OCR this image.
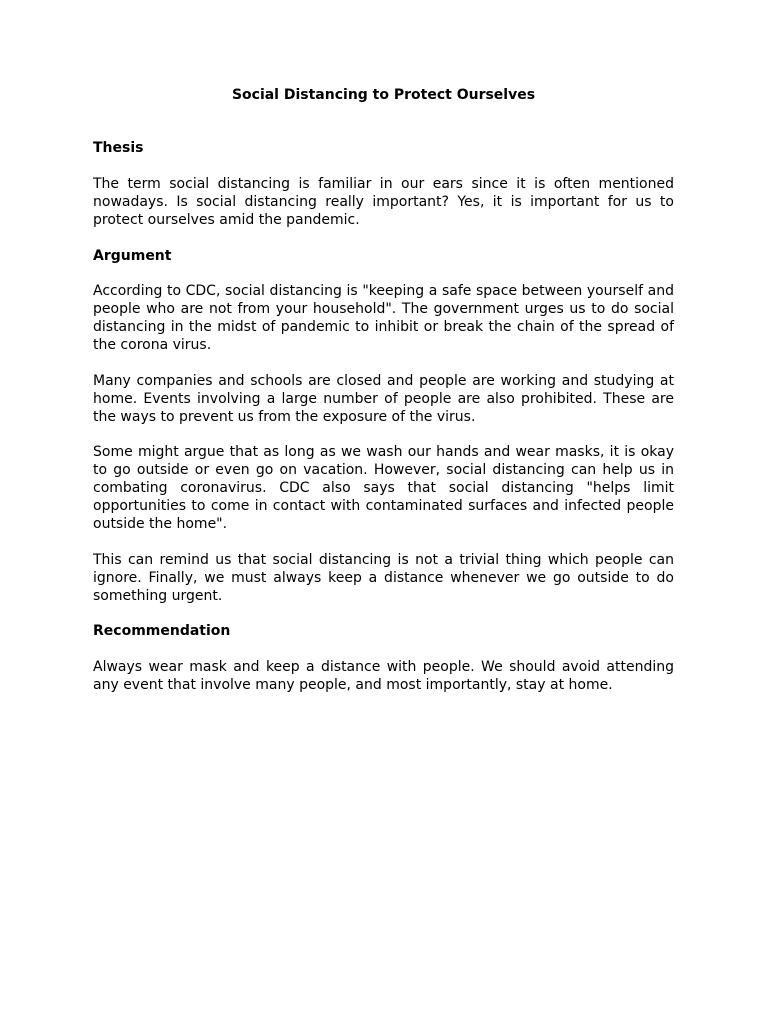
Social Distancing to Protect Ourselves
Thesis

The term social distancing is familiar in our ears since it is often mentioned nowadays. Is social distancing really important? Yes, it is important for us to protect ourselves amid the pandemic.

Argument

According to CDC, social distancing is "keeping a safe space between yourself and people who are not from your household". The government urges us to do social distancing in the midst of pandemic to inhibit or break the chain of the spread of the corona virus.

Many companies and schools are closed and people are working and studying at home. Events involving a large number of people are also prohibited. These are the ways to prevent us from the exposure of the virus.

Some might argue that as long as we wash our hands and wear masks, it is okay to go outside or even go on vacation. However, social distancing can help us in combating coronavirus. CDC also says that social distancing "helps limit opportunities to come in contact with contaminated surfaces and infected people outside the home".

This can remind us that social distancing is not a trivial thing which people can ignore. Finally, we must always keep a distance whenever we go outside to do something urgent.

Recommendation

Always wear mask and keep a distance with people. We should avoid attending any event that involve many people, and most importantly, stay at home.
